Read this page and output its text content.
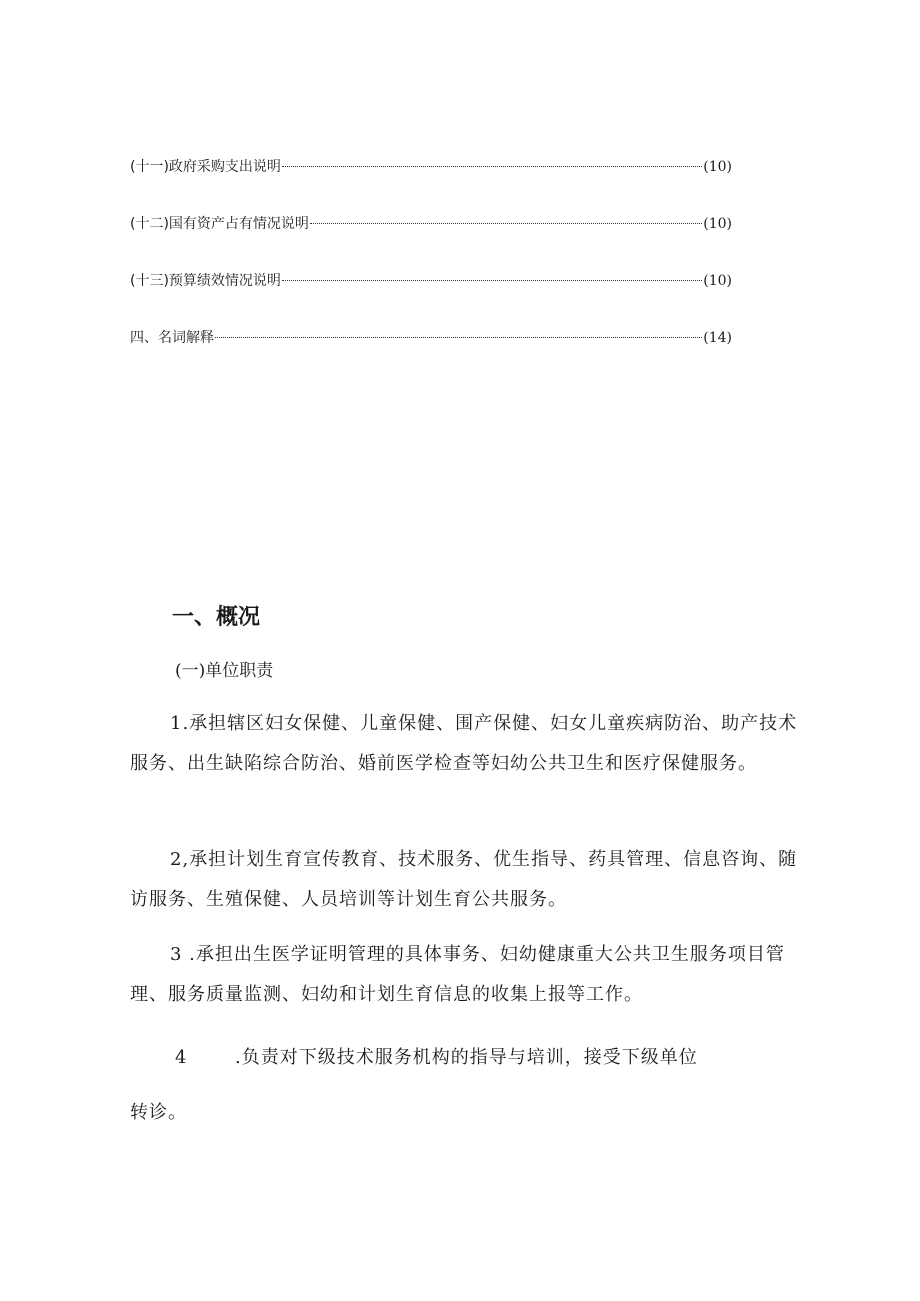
(十一)政府采购支出说明	(10)
(十二)国有资产占有情况说明	(10)
(十三)预算绩效情况说明	(10)
四、名词解释	(14)
一、概况
(一)单位职责
1.承担辖区妇女保健、儿童保健、围产保健、妇女儿童疾病防治、助产技术服务、出生缺陷综合防治、婚前医学检查等妇幼公共卫生和医疗保健服务。
2,承担计划生育宣传教育、技术服务、优生指导、药具管理、信息咨询、随访服务、生殖保健、人员培训等计划生育公共服务。
3 .承担出生医学证明管理的具体事务、妇幼健康重大公共卫生服务项目管理、服务质量监测、妇幼和计划生育信息的收集上报等工作。
4	.负责对下级技术服务机构的指导与培训，接受下级单位
转诊。
